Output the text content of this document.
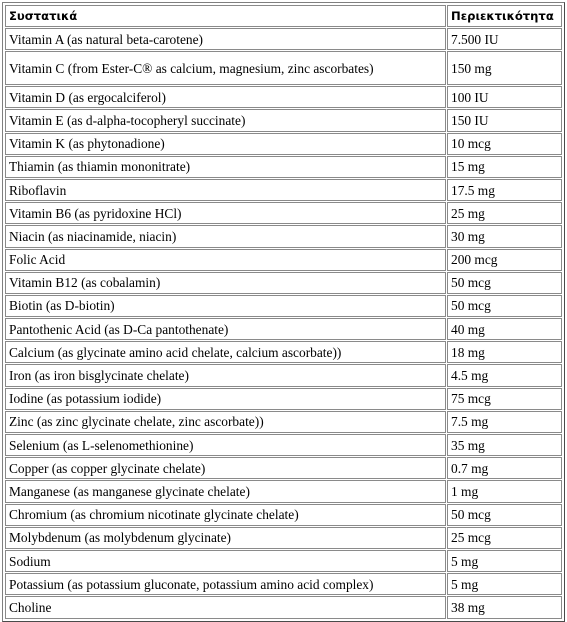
Συστατικά	Περιεκτικότητα
Vitamin A (as natural beta-carotene)	7.500 IU
Vitamin C (from Ester-C® as calcium, magnesium, zinc ascorbates)	150 mg
Vitamin D (as ergocalciferol)	100 IU
Vitamin E (as d-alpha-tocopheryl succinate)	150 IU
Vitamin K (as phytonadione)	10 mcg
Thiamin (as thiamin mononitrate)	15 mg
Riboflavin	17.5 mg
Vitamin B6 (as pyridoxine HCl)	25 mg
Niacin (as niacinamide, niacin)	30 mg
Folic Acid	200 mcg
Vitamin B12 (as cobalamin)	50 mcg
Biotin (as D-biotin)	50 mcg
Pantothenic Acid (as D-Ca pantothenate)	40 mg
Calcium (as glycinate amino acid chelate, calcium ascorbate))	18 mg
Iron (as iron bisglycinate chelate)	4.5 mg
Iodine (as potassium iodide)	75 mcg
Zinc (as zinc glycinate chelate, zinc ascorbate))	7.5 mg
Selenium (as L-selenomethionine)	35 mg
Copper (as copper glycinate chelate)	0.7 mg
Manganese (as manganese glycinate chelate)	1 mg
Chromium (as chromium nicotinate glycinate chelate)	50 mcg
Molybdenum (as molybdenum glycinate)	25 mcg
Sodium	5 mg
Potassium (as potassium gluconate, potassium amino acid complex)	5 mg
Choline	38 mg
